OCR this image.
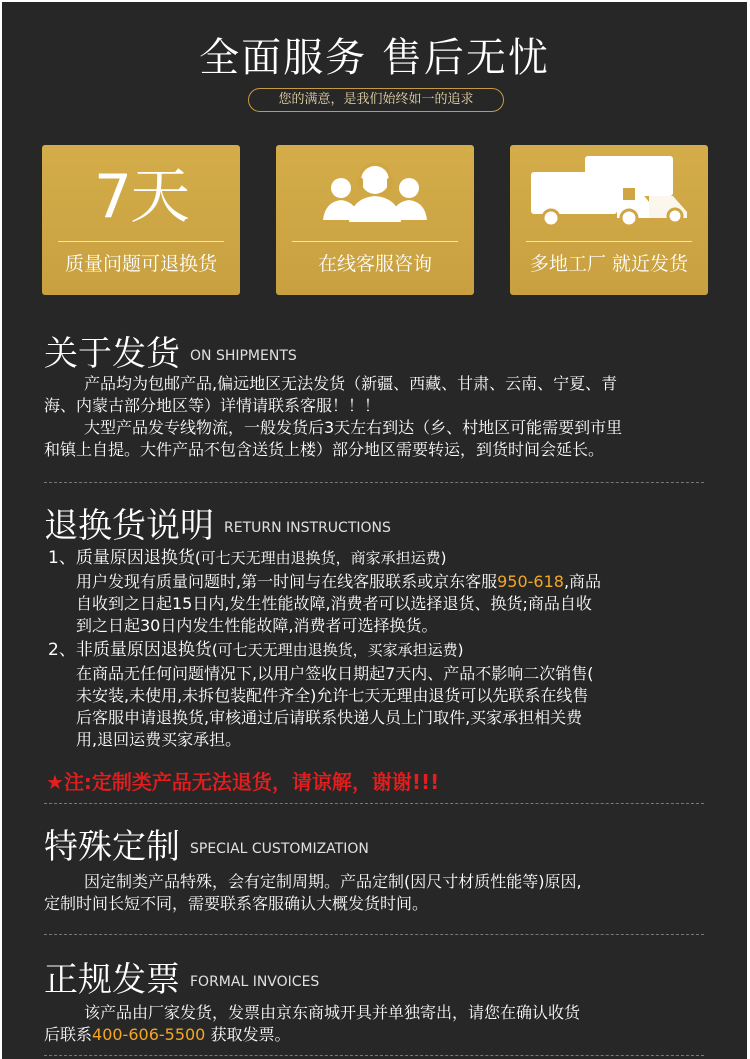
全面服务 售后无忧
您的满意，是我们始终如一的追求
7天
质量问题可退换货	在线客服咨询	多地工厂 就近发货
关于发货 ON SHIPMENTS
产品均为包邮产品,偏远地区无法发货（新疆、西藏、甘肃、云南、宁夏、青
海、内蒙古部分地区等）详情请联系客服！！！
大型产品发专线物流，一般发货后3天左右到达（乡、村地区可能需要到市里
和镇上自提。大件产品不包含送货上楼）部分地区需要转运，到货时间会延长。
退换货说明 RETURN INSTRUCTIONS
1、质量原因退换货(可七天无理由退换货，商家承担运费)
用户发现有质量问题时,第一时间与在线客服联系或京东客服950-618,商品
自收到之日起15日内,发生性能故障,消费者可以选择退货、换货;商品自收
到之日起30日内发生性能故障,消费者可选择换货。
2、非质量原因退换货(可七天无理由退换货，买家承担运费)
在商品无任何问题情况下,以用户签收日期起7天内、产品不影响二次销售(
未安装,未使用,未拆包装配件齐全)允许七天无理由退货可以先联系在线售
后客服申请退换货,审核通过后请联系快递人员上门取件,买家承担相关费
用,退回运费买家承担。
★注:定制类产品无法退货，请谅解，谢谢!!!
特殊定制 SPECIAL CUSTOMIZATION
因定制类产品特殊，会有定制周期。产品定制(因尺寸材质性能等)原因,
定制时间长短不同，需要联系客服确认大概发货时间。
正规发票 FORMAL INVOICES
该产品由厂家发货，发票由京东商城开具并单独寄出，请您在确认收货
后联系400-606-5500 获取发票。
